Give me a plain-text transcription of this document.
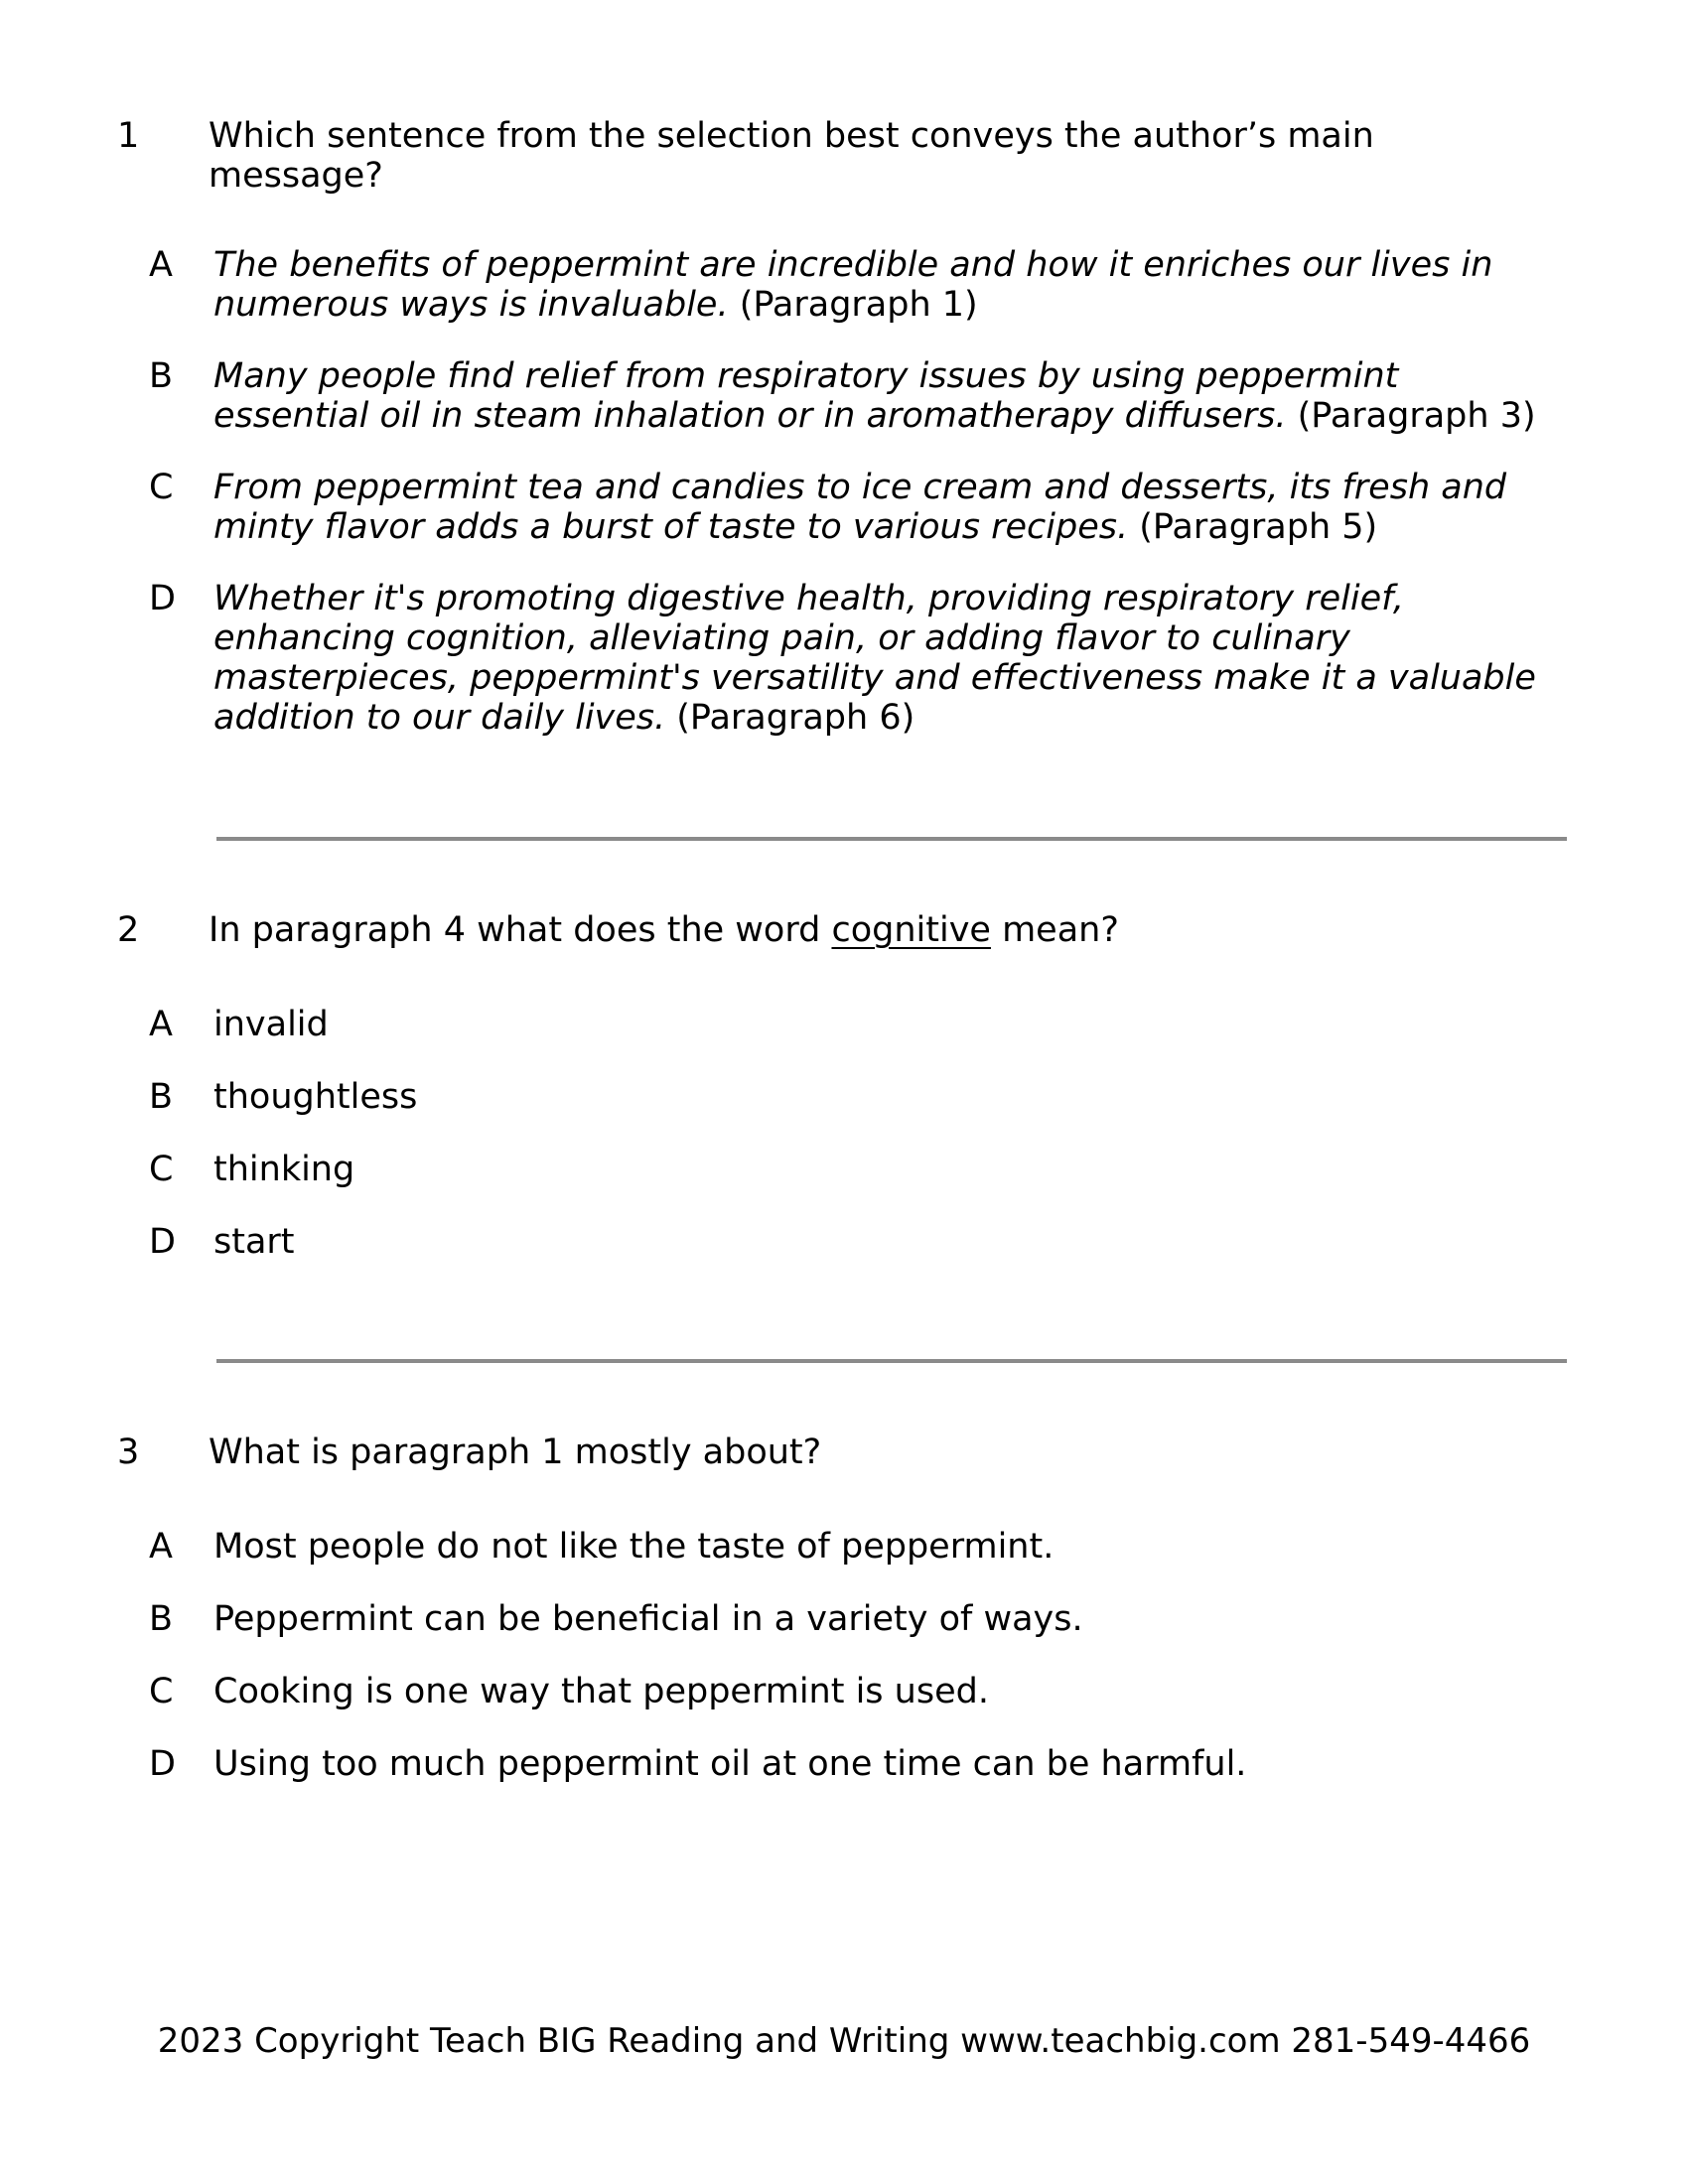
1	Which sentence from the selection best conveys the author’s main message?
A	The benefits of peppermint are incredible and how it enriches our lives in numerous ways is invaluable. (Paragraph 1)
B	Many people find relief from respiratory issues by using peppermint essential oil in steam inhalation or in aromatherapy diffusers. (Paragraph 3)
C	From peppermint tea and candies to ice cream and desserts, its fresh and minty flavor adds a burst of taste to various recipes. (Paragraph 5)
D	Whether it's promoting digestive health, providing respiratory relief, enhancing cognition, alleviating pain, or adding flavor to culinary masterpieces, peppermint's versatility and effectiveness make it a valuable addition to our daily lives. (Paragraph 6)
2	In paragraph 4 what does the word cognitive mean?
A	invalid
B	thoughtless
C	thinking
D	start
3	What is paragraph 1 mostly about?
A	Most people do not like the taste of peppermint.
B	Peppermint can be beneficial in a variety of ways.
C	Cooking is one way that peppermint is used.
D	Using too much peppermint oil at one time can be harmful.
2023 Copyright Teach BIG Reading and Writing www.teachbig.com 281-549-4466
